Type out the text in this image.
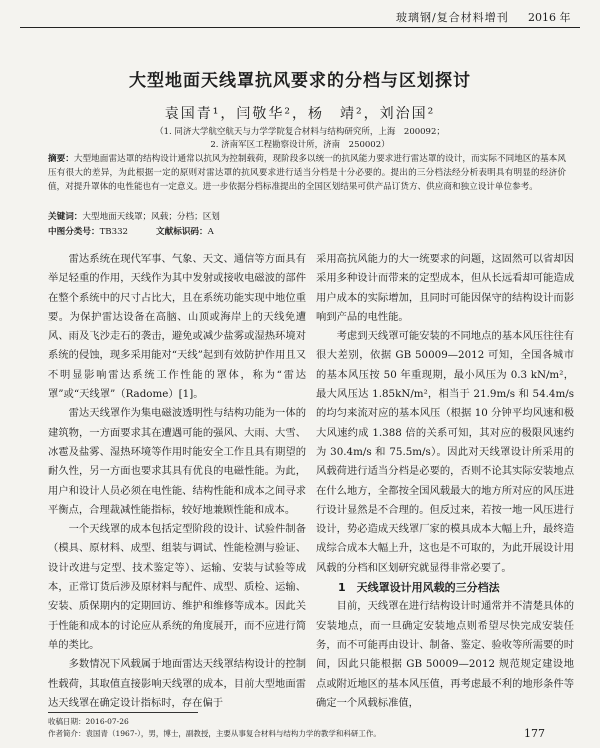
玻璃钢/复合材料增刊 2016 年
大型地面天线罩抗风要求的分档与区划探讨
袁国青¹，闫敬华²，杨　靖²，刘治国²
（1. 同济大学航空航天与力学学院复合材料与结构研究所，上海　200092；
2. 济南军区工程勘察设计所，济南　250002）
摘要：大型地面雷达罩的结构设计通常以抗风为控制载荷，现阶段多以统一的抗风能力要求进行雷达罩的设计，而实际不同地区的基本风压有很大的差异，为此根据一定的原则对雷达罩的抗风要求进行适当分档是十分必要的。提出的三分档法经分析表明具有明显的经济价值，对提升罩体的电性能也有一定意义。进一步依据分档标准提出的全国区划结果可供产品订货方、供应商和独立设计单位参考。
关键词：大型地面天线罩；风载；分档；区划
中图分类号：TB332	文献标识码：A

雷达系统在现代军事、气象、天文、通信等方面具有举足轻重的作用，天线作为其中发射或接收电磁波的部件在整个系统中的尺寸占比大，且在系统功能实现中地位重要。为保护雷达设备在高脑、山顶或海岸上的天线免遭风、雨及飞沙走石的袭击，避免或减少盐雾或湿热环境对系统的侵蚀，现多采用能对“天线”起到有效防护作用且又不明显影响雷达系统工作性能的罩体，称为“雷达罩”或“天线罩”（Radome）[1]。

雷达天线罩作为集电磁波透明性与结构功能为一体的建筑物，一方面要求其在遭遇可能的强风、大雨、大雪、冰雹及盐雾、湿热环境等作用时能安全工作且具有期望的耐久性，另一方面也要求其具有优良的电磁性能。为此，用户和设计人员必须在电性能、结构性能和成本之间寻求平衡点，合理裁减性能指标，较好地兼顾性能和成本。

一个天线罩的成本包括定型阶段的设计、试验件制备（模具、原材料、成型、组装与调试、性能检测与验证、设计改进与定型、技术鉴定等）、运输、安装与试验等成本，正常订货后涉及原材料与配件、成型、质检、运输、安装、质保期内的定期回访、维护和维修等成本。因此关于性能和成本的讨论应从系统的角度展开，而不应进行简单的类比。

多数情况下风载属于地面雷达天线罩结构设计的控制性载荷，其取值直接影响天线罩的成本，目前大型地面雷达天线罩在确定设计指标时，存在偏于

采用高抗风能力的大一统要求的问题，这固然可以省却因采用多种设计而带来的定型成本，但从长远看却可能造成用户成本的实际增加，且同时可能因保守的结构设计而影响到产品的电性能。

考虑到天线罩可能安装的不同地点的基本风压往往有很大差别，依据 GB 50009—2012 可知，全国各城市的基本风压按 50 年重现期，最小风压为 0.3 kN/m²，最大风压达 1.85kN/m²，相当于 21.9m/s 和 54.4m/s 的均匀来流对应的基本风压（根据 10 分钟平均风速和极大风速约成 1.388 倍的关系可知，其对应的极限风速约为 30.4m/s 和 75.5m/s）。因此对天线罩设计所采用的风载荷进行适当分档是必要的，否则不论其实际安装地点在什么地方，全都按全国风载最大的地方所对应的风压进行设计显然是不合理的。但反过来，若按一地一风压进行设计，势必造成天线罩厂家的模具成本大幅上升，最终造成综合成本大幅上升，这也是不可取的，为此开展设计用风载的分档和区划研究就显得非常必要了。

1　天线罩设计用风载的三分档法

目前，天线罩在进行结构设计时通常并不清楚具体的安装地点，而一旦确定安装地点则希望尽快完成安装任务，而不可能再由设计、制备、鉴定、验收等所需要的时间，因此只能根据 GB 50009—2012 规范规定建设地点或附近地区的基本风压值，再考虑最不利的地形条件等确定一个风载标准值，

收稿日期：2016-07-26
作者简介：袁国青（1967-），男，博士，副教授，主要从事复合材料与结构力学的教学和科研工作。	177
